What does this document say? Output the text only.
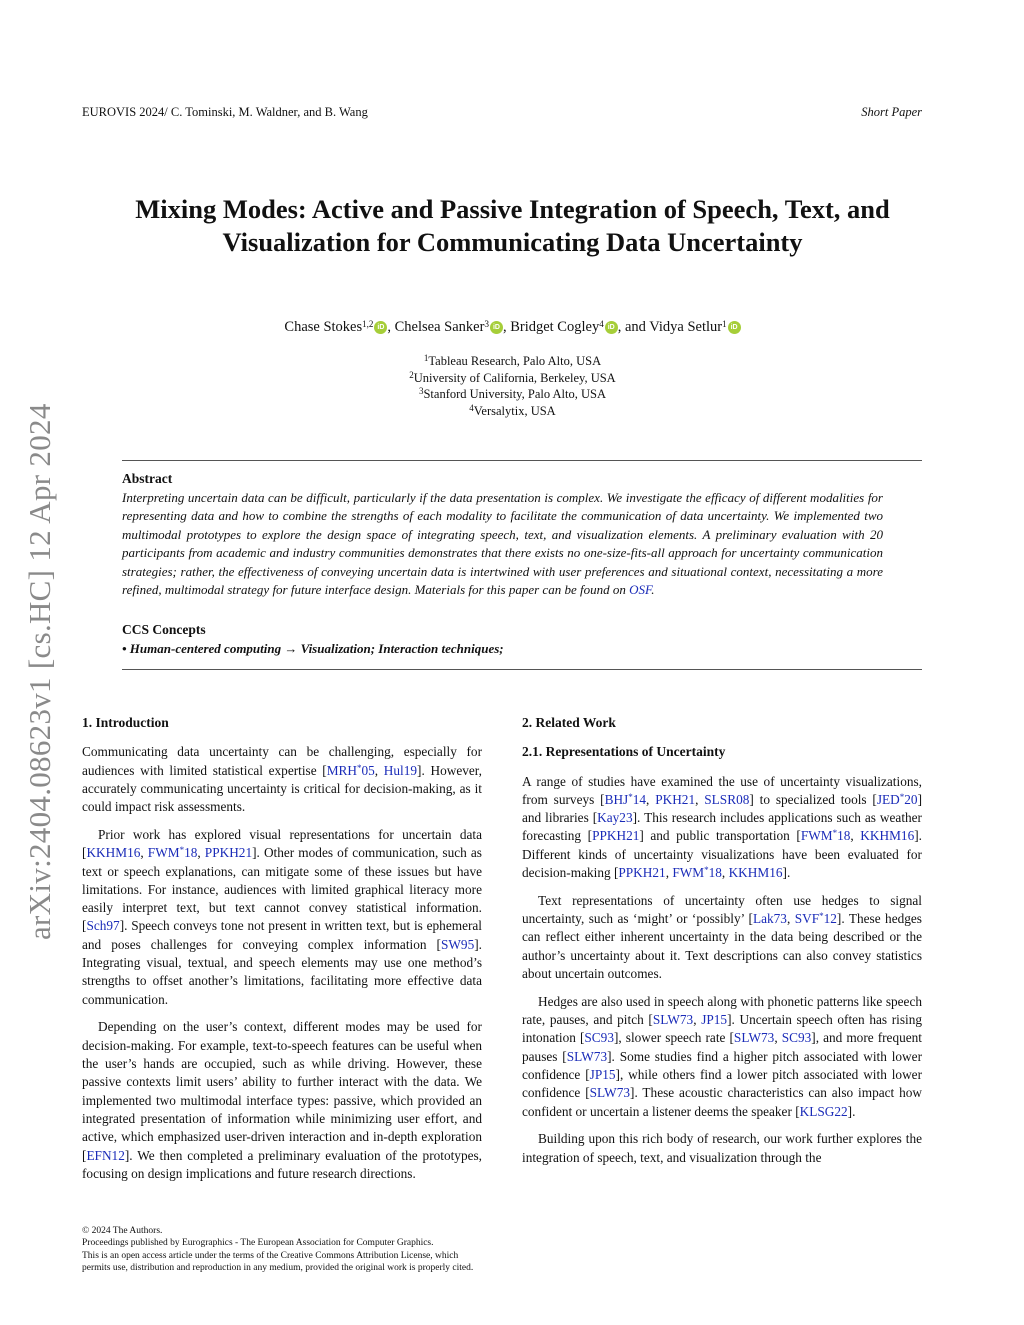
EUROVIS 2024/ C. Tominski, M. Waldner, and B. Wang	Short Paper
Mixing Modes: Active and Passive Integration of Speech, Text, and
Visualization for Communicating Data Uncertainty
Chase Stokes$^{1,2}$ iD , Chelsea Sanker$^3$ iD , Bridget Cogley$^4$ iD , and Vidya Setlur$^1$ iD
$^1$Tableau Research, Palo Alto, USA
$^2$University of California, Berkeley, USA
$^3$Stanford University, Palo Alto, USA
$^4$Versalytix, USA
Abstract
Interpreting uncertain data can be difficult, particularly if the data presentation is complex. We investigate the efficacy of different modalities for representing data and how to combine the strengths of each modality to facilitate the communication of data uncertainty. We implemented two multimodal prototypes to explore the design space of integrating speech, text, and visualization elements. A preliminary evaluation with 20 participants from academic and industry communities demonstrates that there exists no one-size-fits-all approach for uncertainty communication strategies; rather, the effectiveness of conveying uncertain data is intertwined with user preferences and situational context, necessitating a more refined, multimodal strategy for future interface design. Materials for this paper can be found on OSF.
CCS Concepts
• Human-centered computing → Visualization; Interaction techniques;
arXiv:2404.08623v1 [cs.HC] 12 Apr 2024 1. Introduction

Communicating data uncertainty can be challenging, especially for audiences with limited statistical expertise [MRH*05, Hul19]. However, accurately communicating uncertainty is critical for decision-making, as it could impact risk assessments.

Prior work has explored visual representations for uncertain data [KKHM16, FWM*18, PPKH21]. Other modes of communication, such as text or speech explanations, can mitigate some of these issues but have limitations. For instance, audiences with limited graphical literacy more easily interpret text, but text cannot convey statistical information. [Sch97]. Speech conveys tone not present in written text, but is ephemeral and poses challenges for conveying complex information [SW95]. Integrating visual, textual, and speech elements may use one method’s strengths to offset another’s limitations, facilitating more effective data communication.

Depending on the user’s context, different modes may be used for decision-making. For example, text-to-speech features can be useful when the user’s hands are occupied, such as while driving. However, these passive contexts limit users’ ability to further interact with the data. We implemented two multimodal interface types: passive, which provided an integrated presentation of information while minimizing user effort, and active, which emphasized user-driven interaction and in-depth exploration [EFN12]. We then completed a preliminary evaluation of the prototypes, focusing on design implications and future research directions.

2. Related Work
2.1. Representations of Uncertainty

A range of studies have examined the use of uncertainty visualizations, from surveys [BHJ*14, PKH21, SLSR08] to specialized tools [JED*20] and libraries [Kay23]. This research includes applications such as weather forecasting [PPKH21] and public transportation [FWM*18, KKHM16]. Different kinds of uncertainty visualizations have been evaluated for decision-making [PPKH21, FWM*18, KKHM16].

Text representations of uncertainty often use hedges to signal uncertainty, such as ‘might’ or ‘possibly’ [Lak73, SVF*12]. These hedges can reflect either inherent uncertainty in the data being described or the author’s uncertainty about it. Text descriptions can also convey statistics about uncertain outcomes.

Hedges are also used in speech along with phonetic patterns like speech rate, pauses, and pitch [SLW73, JP15]. Uncertain speech often has rising intonation [SC93], slower speech rate [SLW73, SC93], and more frequent pauses [SLW73]. Some studies find a higher pitch associated with lower confidence [JP15], while others find a lower pitch associated with lower confidence [SLW73]. These acoustic characteristics can also impact how confident or uncertain a listener deems the speaker [KLSG22].

Building upon this rich body of research, our work further explores the integration of speech, text, and visualization through the

© 2024 The Authors.
Proceedings published by Eurographics - The European Association for Computer Graphics.
This is an open access article under the terms of the Creative Commons Attribution License, which permits use, distribution and reproduction in any medium, provided the original work is properly cited.
